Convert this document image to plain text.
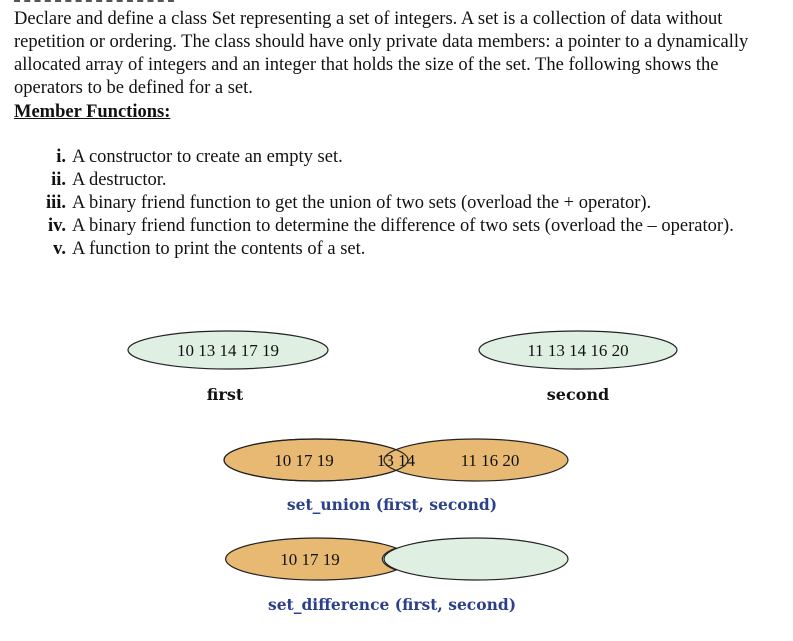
Declare and define a class Set representing a set of integers. A set is a collection of data without repetition or ordering. The class should have only private data members: a pointer to a dynamically allocated array of integers and an integer that holds the size of the set. The following shows the operators to be defined for a set.

Member Functions:

i. A constructor to create an empty set.
ii. A destructor.
iii. A binary friend function to get the union of two sets (overload the + operator).
iv. A binary friend function to determine the difference of two sets (overload the – operator).
v. A function to print the contents of a set.
10 13 14 17 19
first
11 13 14 16 20
second
10 17 19	13 14	11 16 20
set_union (first, second)
10 17 19
set_difference (first, second)
